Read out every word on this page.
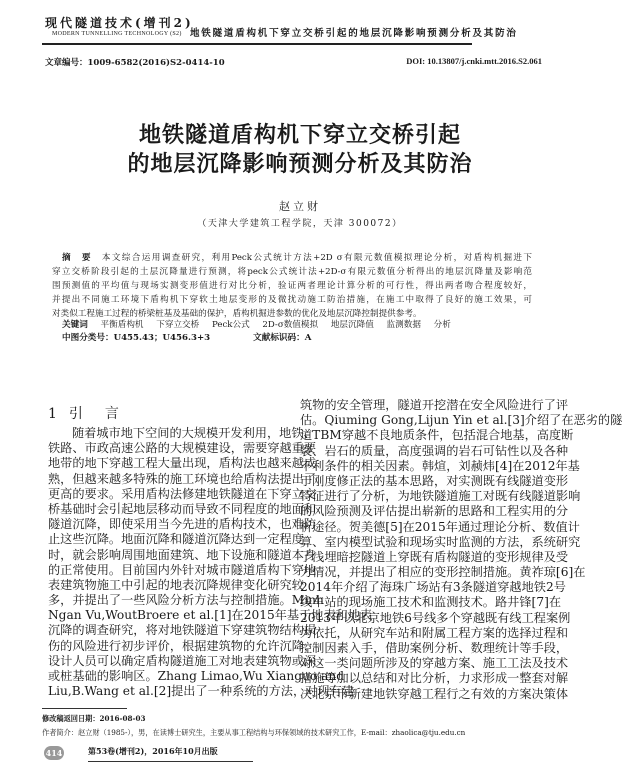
现代隧道技术(增刊2)
MODERN TUNNELLING TECHNOLOGY (S2) 地铁隧道盾构机下穿立交桥引起的地层沉降影响预测分析及其防治
文章编号：1009-6582(2016)S2-0414-10	DOI: 10.13807/j.cnki.mtt.2016.S2.061
地铁隧道盾构机下穿立交桥引起
的地层沉降影响预测分析及其防治
赵立财
（天津大学建筑工程学院，天津 300072）
摘　要 本文综合运用调查研究，利用Peck公式统计方法+2D σ有限元数值模拟理论分析，对盾构机掘进下
穿立交桥阶段引起的土层沉降量进行预测，将peck公式统计法+2D-σ有限元数值分析得出的地层沉降量及影响范
围预测值的平均值与现场实测变形值进行对比分析，验证两者理论计算分析的可行性，得出两者吻合程度较好，
并提出不同施工环境下盾构机下穿软土地层变形的及微扰动施工防治措施，在施工中取得了良好的施工效果，可
对类似工程施工过程的桥梁桩基及基础的保护，盾构机掘进参数的优化及地层沉降控制提供参考。
关键词 平衡盾构机 下穿立交桥 Peck公式 2D-σ数值模拟 地层沉降值 监测数据 分析
中图分类号：U455.43；U456.3+3	文献标识码：A
1 引　言
随着城市地下空间的大规模开发利用，地铁、
铁路、市政高速公路的大规模建设，需要穿越重要
地带的地下穿越工程大量出现，盾构法也越来越成
熟，但越来越多特殊的施工环境也给盾构法提出了
更高的要求。采用盾构法修建地铁隧道在下穿立交
桥基础时会引起地层移动而导致不同程度的地面和
隧道沉降，即使采用当今先进的盾构技术，也难防
止这些沉降。地面沉降和隧道沉降达到一定程度
时，就会影响周围地面建筑、地下设施和隧道本身
的正常使用。目前国内外针对城市隧道盾构下穿地
表建筑物施工中引起的地表沉降规律变化研究较
多，并提出了一些风险分析方法与控制措施。Minh
Ngan Vu,WoutBroere et al.[1]在2015年基于地表和地表
沉降的调查研究，将对地铁隧道下穿建筑物结构损
伤的风险进行初步评价，根据建筑物的允许沉降，
设计人员可以确定盾构隧道施工对地表建筑物或深
或桩基础的影响区。Zhang Limao,Wu Xianguo and
Liu,B.Wang et al.[2]提出了一种系统的方法，对现有建
筑物的安全管理，隧道开挖潜在安全风险进行了评
估。Qiuming Gong,Lijun Yin et al.[3]介绍了在恶劣的隧
道TBM穿越不良地质条件，包括混合地基，高度断
裂、岩石的质量，高度强调的岩石可钻性以及各种
不利条件的相关因素。韩煊，刘赪炜[4]在2012年基
于刚度修正法的基本思路，对实测既有线隧道变形
特征进行了分析，为地铁隧道施工对既有线隧道影响
的风险预测及评估提出崭新的思路和工程实用的分
析途径。贺美德[5]在2015年通过理论分析、数值计
算、室内模型试验和现场实时监测的方法，系统研究
了浅埋暗挖隧道上穿既有盾构隧道的变形规律及受
力情况，并提出了相应的变形控制措施。黄祚琼[6]在
2014年介绍了海珠广场站有3条隧道穿越地铁2号
线车站的现场施工技术和监测技术。路井锋[7]在
2013年以北京地铁6号线多个穿越既有线工程案例
为依托，从研究车站和附属工程方案的选择过程和
控制因素入手，借助案例分析、数理统计等手段，
对这一类问题所涉及的穿越方案、施工工法及技术
措施等加以总结和对比分析，力求形成一整套对解
决北京市新建地铁穿越工程行之有效的方案决策体
修改稿返回日期：2016-08-03
作者简介：赵立财（1985-），男，在读博士研究生，主要从事工程结构与环保领域的技术研究工作，E-mail：zhaolica@tju.edu.cn
414	第53卷(增刊2)，2016年10月出版
